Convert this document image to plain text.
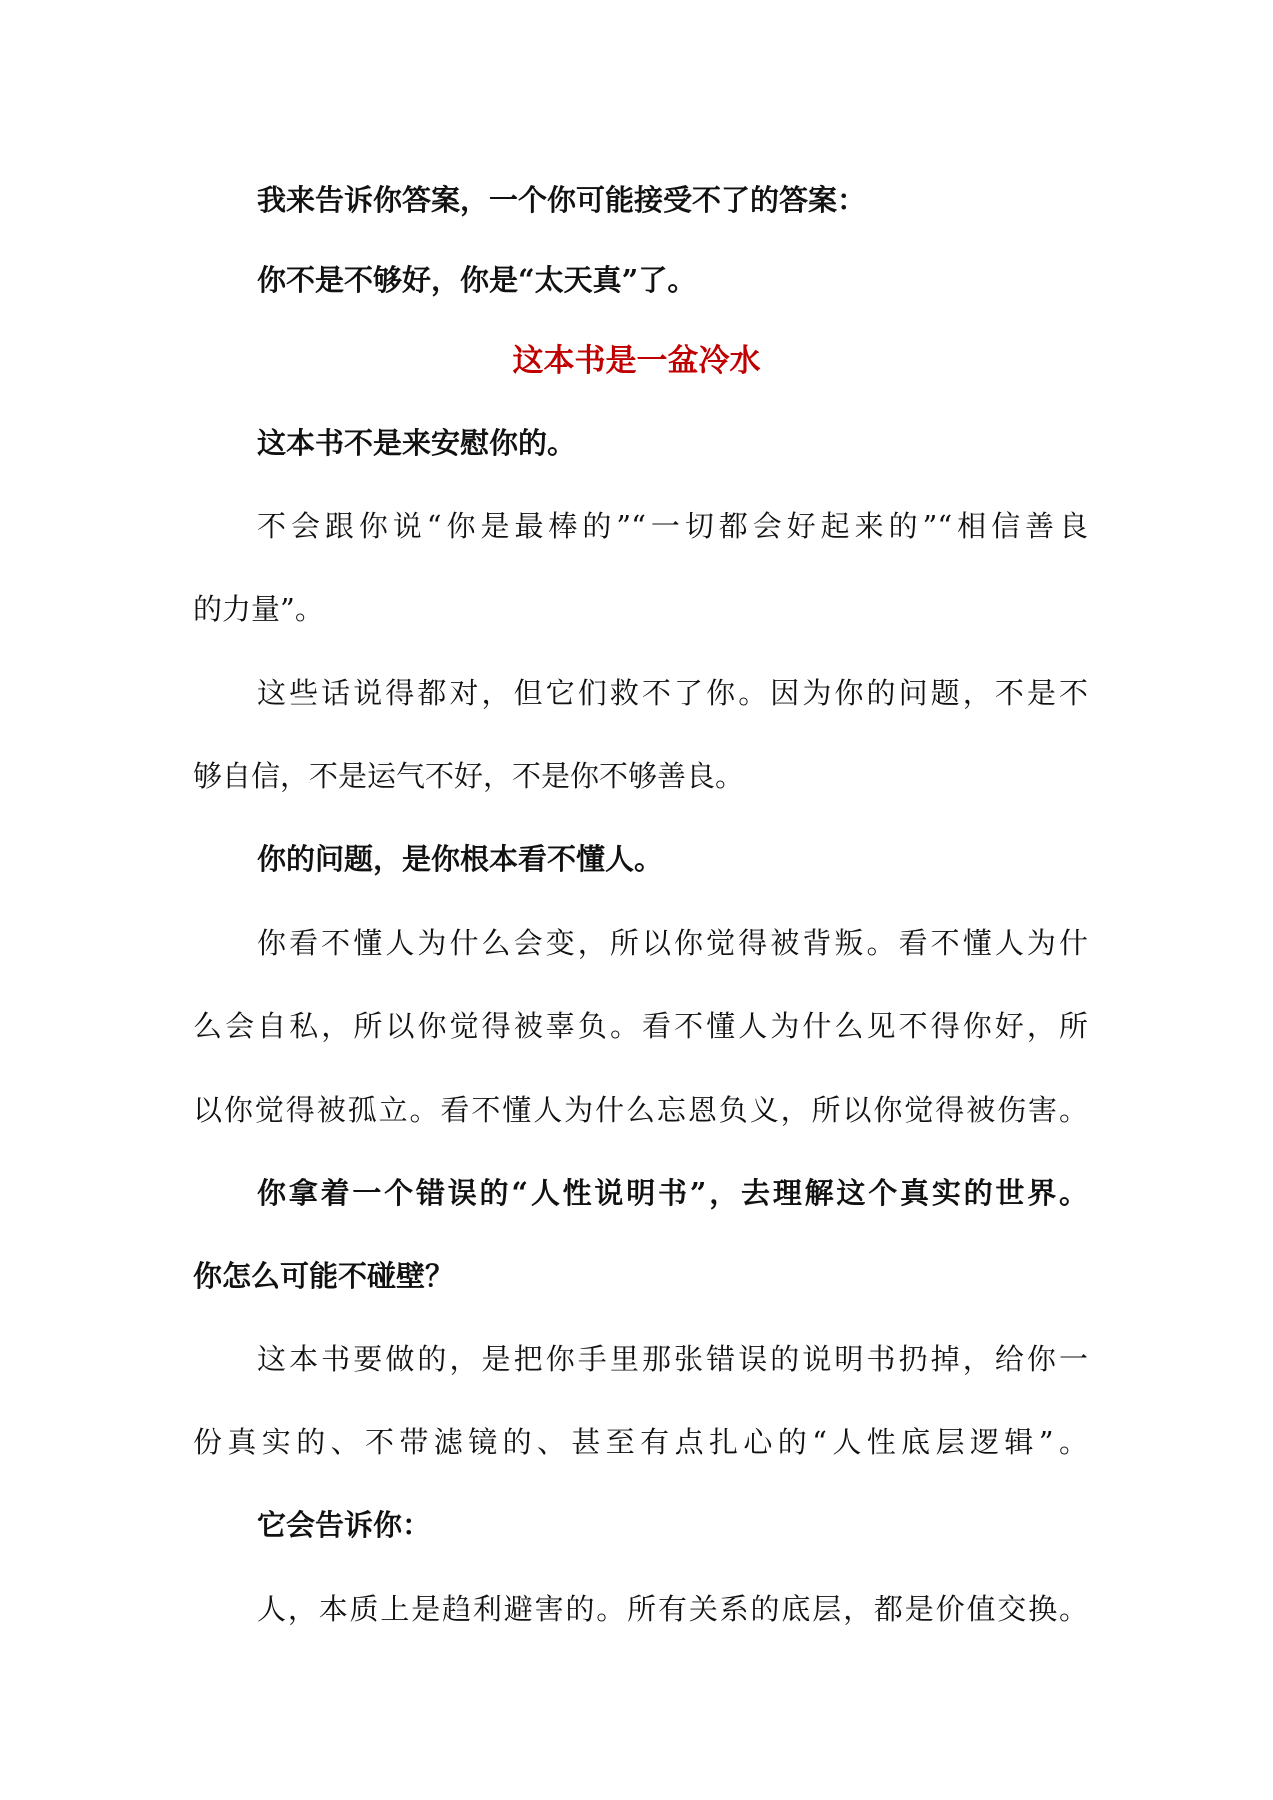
我来告诉你答案，一个你可能接受不了的答案：
你不是不够好，你是“太天真”了。
这本书是一盆冷水
这本书不是来安慰你的。
不会跟你说“你是最棒的”“一切都会好起来的”“相信善良
的力量”。
这些话说得都对，但它们救不了你。因为你的问题，不是不
够自信，不是运气不好，不是你不够善良。
你的问题，是你根本看不懂人。
你看不懂人为什么会变，所以你觉得被背叛。看不懂人为什
么会自私，所以你觉得被辜负。看不懂人为什么见不得你好，所
以你觉得被孤立。看不懂人为什么忘恩负义，所以你觉得被伤害。
你拿着一个错误的“人性说明书”，去理解这个真实的世界。
你怎么可能不碰壁？
这本书要做的，是把你手里那张错误的说明书扔掉，给你一
份真实的、不带滤镜的、甚至有点扎心的“人性底层逻辑”。
它会告诉你：
人，本质上是趋利避害的。所有关系的底层，都是价值交换。
